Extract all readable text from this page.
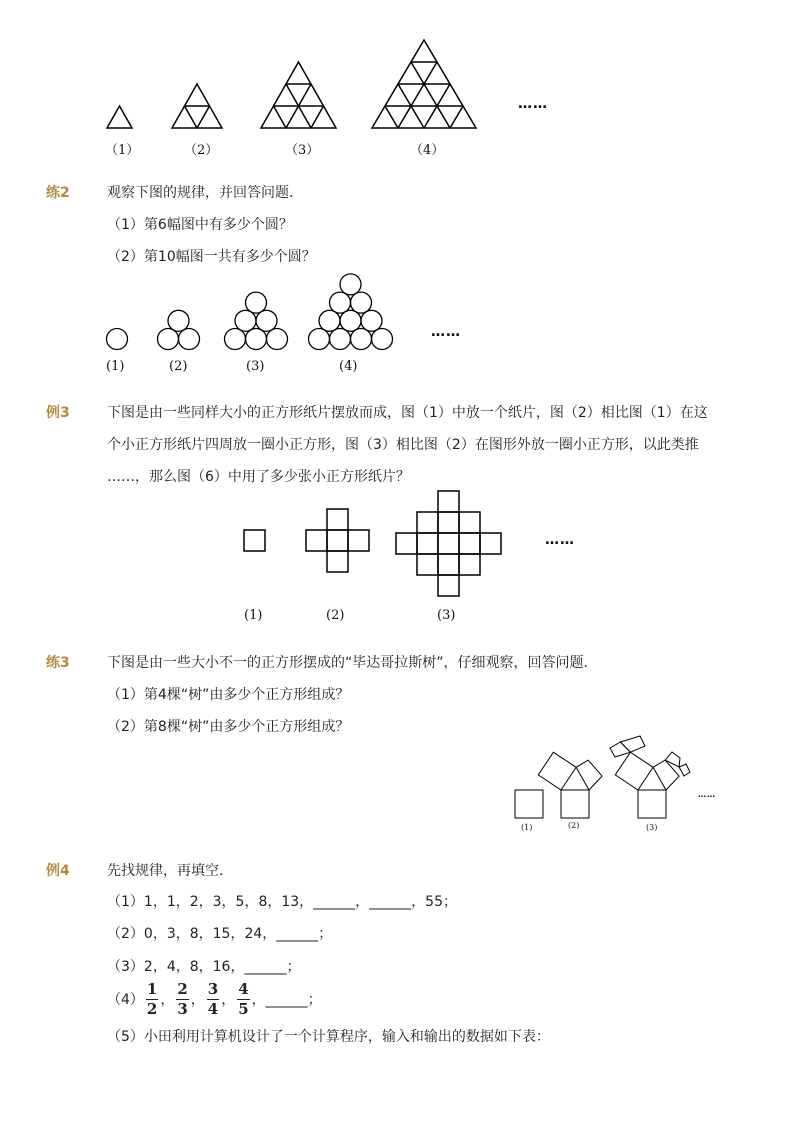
（1）	（2）	（3）	（4）
……
练2	观察下图的规律，并回答问题．
（1）第6幅图中有多少个圆？
（2）第10幅图一共有多少个圆？
(1)	(2)	(3)	(4)
……
例3	下图是由一些同样大小的正方形纸片摆放而成，图（1）中放一个纸片，图（2）相比图（1）在这
个小正方形纸片四周放一圈小正方形，图（3）相比图（2）在图形外放一圈小正方形，以此类推
……，那么图（6）中用了多少张小正方形纸片？
(1)	(2)	(3)
……
练3	下图是由一些大小不一的正方形摆成的“毕达哥拉斯树”，仔细观察，回答问题．
（1）第4棵“树”由多少个正方形组成？
（2）第8棵“树”由多少个正方形组成？
(1)	(2)	(3)
……
例4	先找规律，再填空．
（1）1，1，2，3，5，8，13，______，______，55；
（2）0，3，8，15，24，______；
（3）2，4，8，16，______；
$(4) \frac{1}{2}$ ， $\frac{2}{3}$ ， $\frac{3}{4}$ ， $\frac{4}{5}$ ，______；
（5）小田利用计算机设计了一个计算程序，输入和输出的数据如下表：
